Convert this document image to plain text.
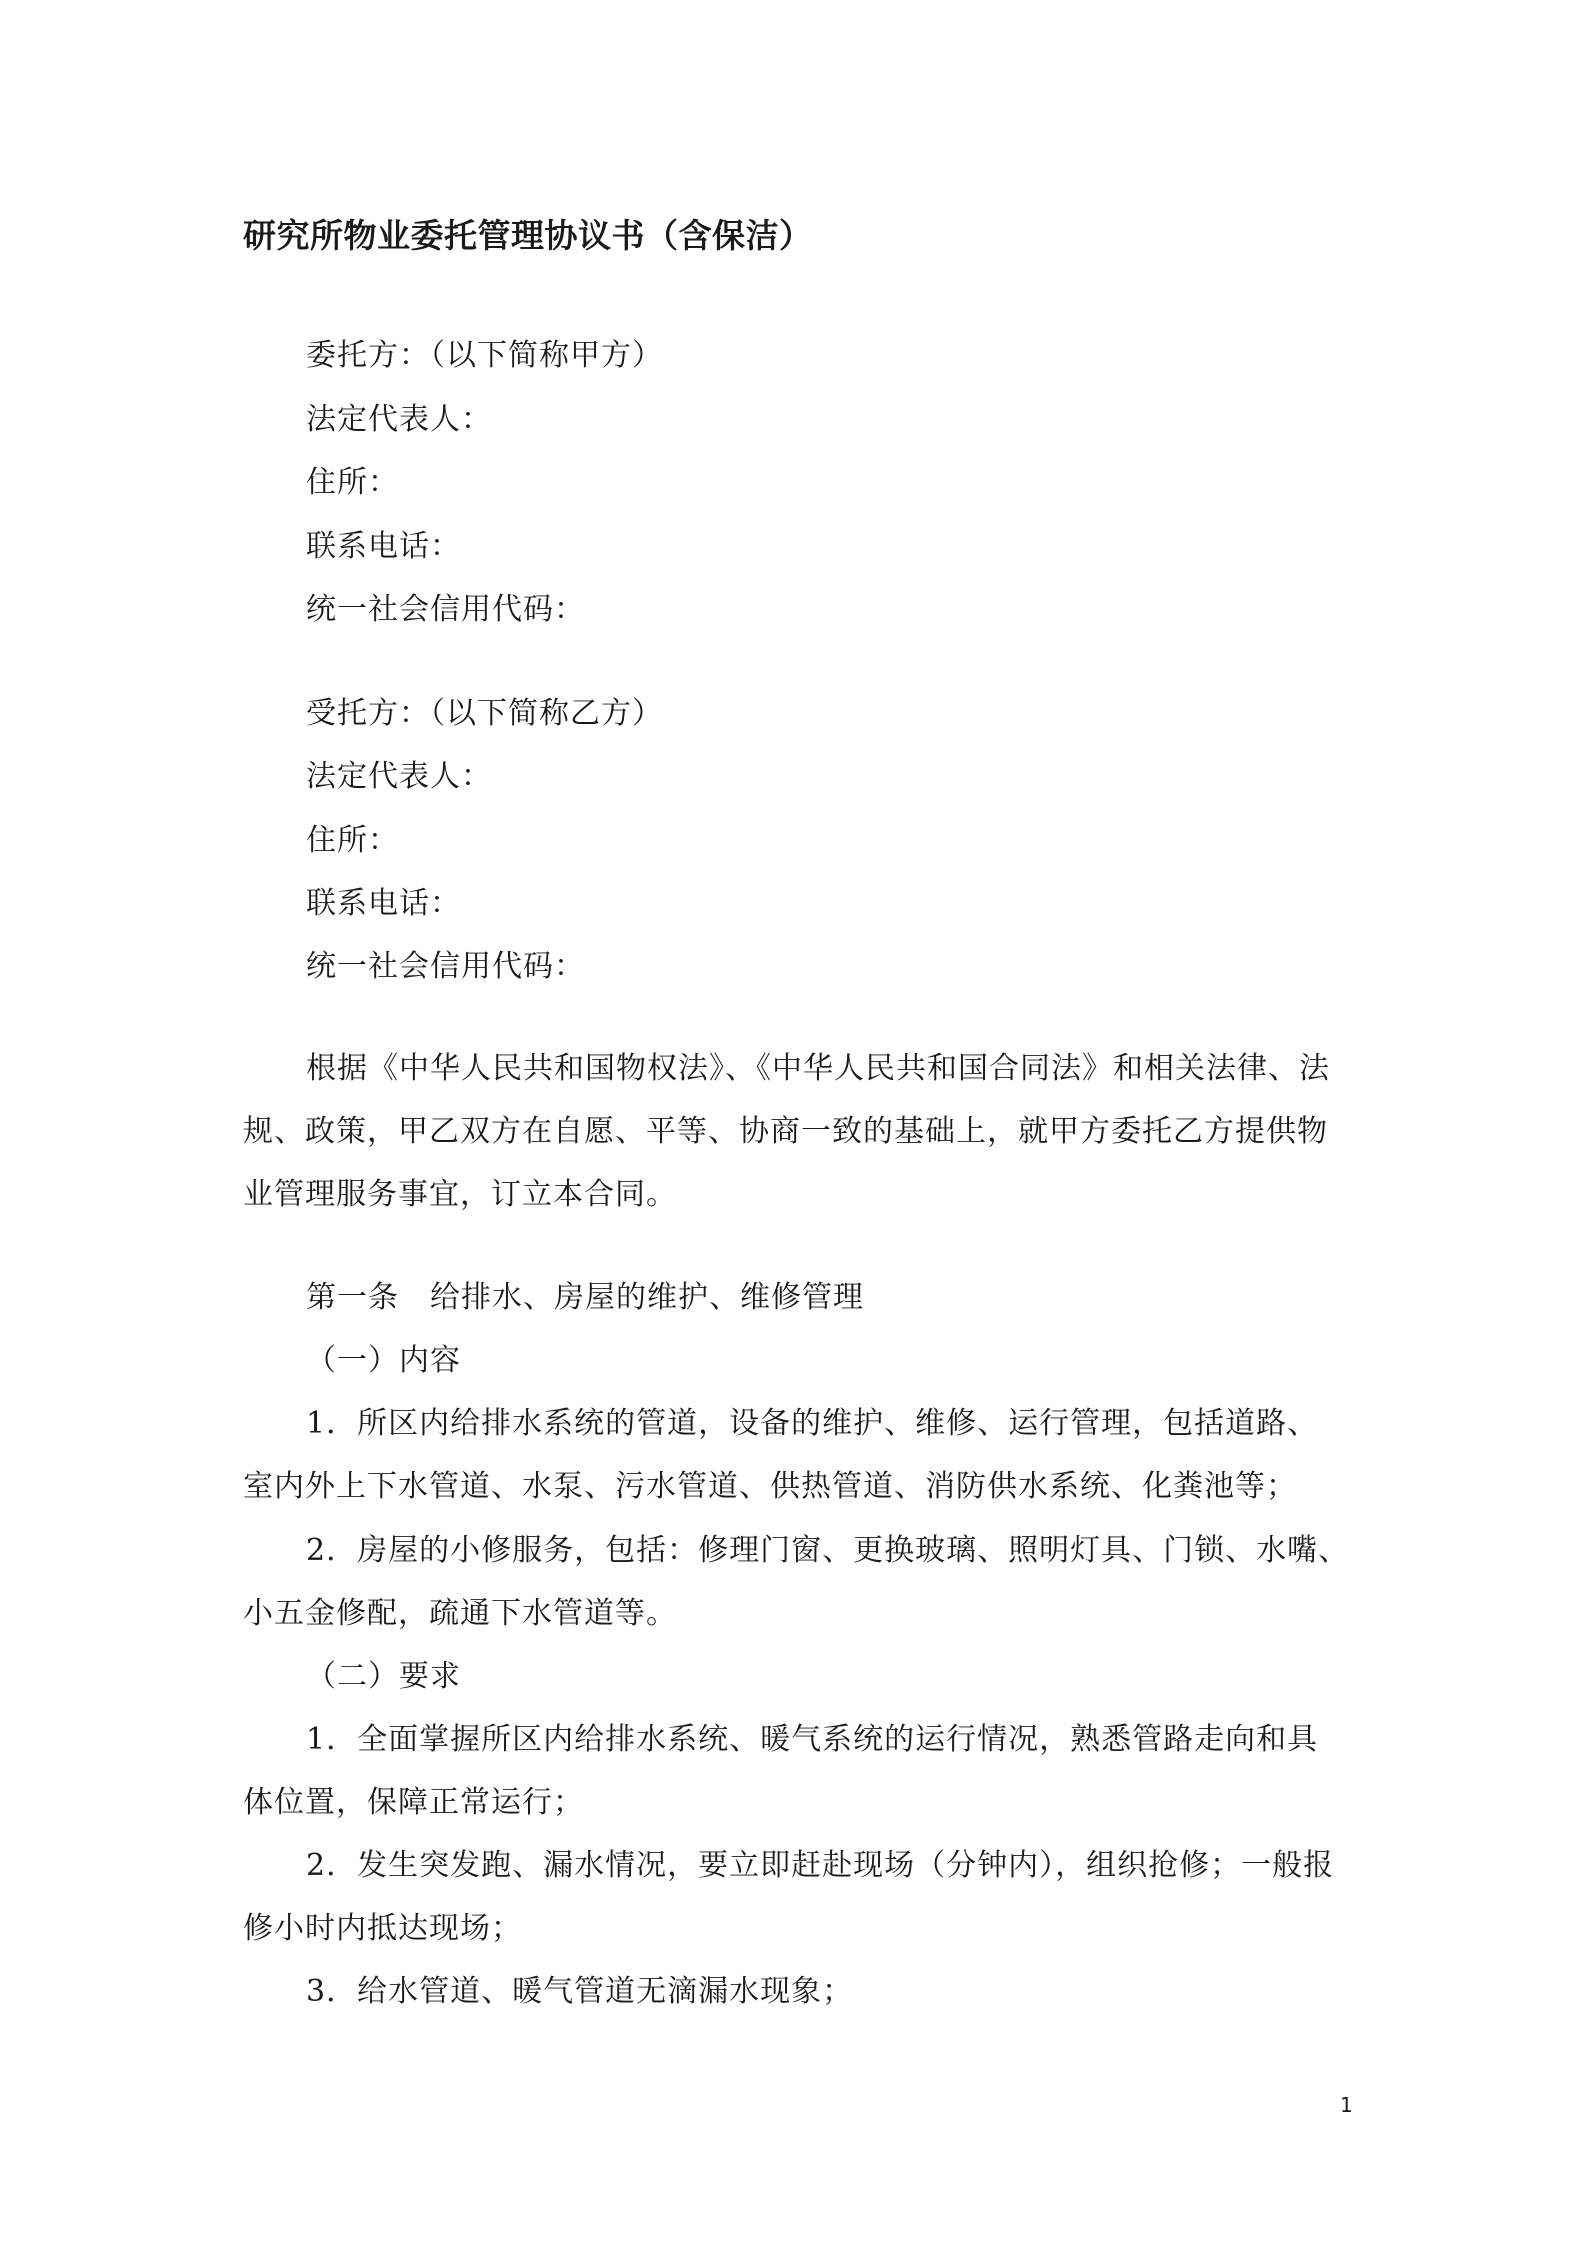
研究所物业委托管理协议书（含保洁）
委托方：（以下简称甲方）
法定代表人：
住所：
联系电话：
统一社会信用代码：
受托方：（以下简称乙方）
法定代表人：
住所：
联系电话：
统一社会信用代码：
根据《中华人民共和国物权法》、《中华人民共和国合同法》和相关法律、法
规、政策，甲乙双方在自愿、平等、协商一致的基础上，就甲方委托乙方提供物
业管理服务事宜，订立本合同。
第一条　给排水、房屋的维护、维修管理
（一）内容
1．所区内给排水系统的管道，设备的维护、维修、运行管理，包括道路、
室内外上下水管道、水泵、污水管道、供热管道、消防供水系统、化粪池等；
2．房屋的小修服务，包括：修理门窗、更换玻璃、照明灯具、门锁、水嘴、
小五金修配，疏通下水管道等。
（二）要求
1．全面掌握所区内给排水系统、暖气系统的运行情况，熟悉管路走向和具
体位置，保障正常运行；
2．发生突发跑、漏水情况，要立即赶赴现场（分钟内），组织抢修；一般报
修小时内抵达现场；
3．给水管道、暖气管道无滴漏水现象；
1
